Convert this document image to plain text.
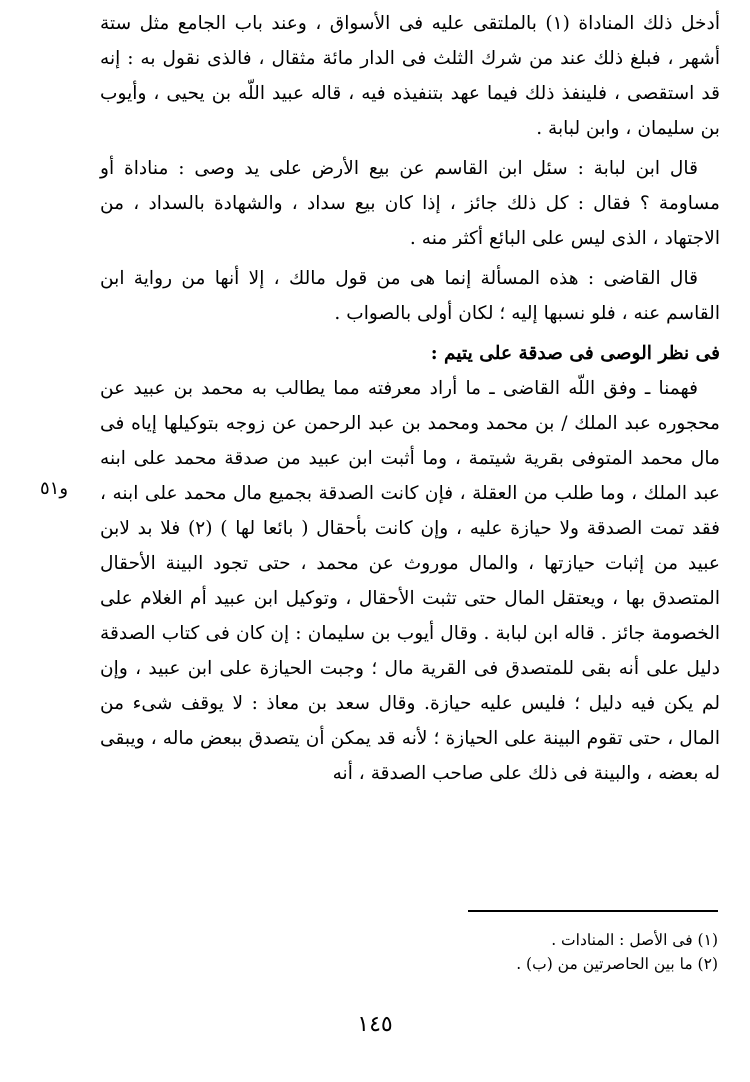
أدخل ذلك المناداة (١) بالملتقى عليه فى الأسواق ، وعند باب الجامع مثل ستة أشهر ، فبلغ ذلك عند من شرك الثلث فى الدار مائة مثقال ، فالذى نقول به : إنه قد استقصى ، فلينفذ ذلك فيما عهد بتنفيذه فيه ، قاله عبيد اللّه بن يحيى ، وأيوب بن سليمان ، وابن لبابة .

قال ابن لبابة : سئل ابن القاسم عن بيع الأرض على يد وصى : مناداة أو مساومة ؟ فقال : كل ذلك جائز ، إذا كان بيع سداد ، والشهادة بالسداد ، من الاجتهاد ، الذى ليس على البائع أكثر منه .

قال القاضى : هذه المسألة إنما هى من قول مالك ، إلا أنها من رواية ابن القاسم عنه ، فلو نسبها إليه ؛ لكان أولى بالصواب .

فى نظر الوصى فى صدقة على يتيم :

فهمنا ـ وفق اللّه القاضى ـ ما أراد معرفته مما يطالب به محمد بن عبيد عن محجوره عبد الملك / بن محمد ومحمد بن عبد الرحمن عن زوجه بتوكيلها إياه فى مال محمد المتوفى بقرية شيتمة ، وما أثبت ابن عبيد من صدقة محمد على ابنه عبد الملك ، وما طلب من العقلة ، فإن كانت الصدقة بجميع مال محمد على ابنه ، فقد تمت الصدقة ولا حيازة عليه ، وإن كانت بأحقال ( بائعا لها ) (٢) فلا بد لابن عبيد من إثبات حيازتها ، والمال موروث عن محمد ، حتى تجود البينة الأحقال المتصدق بها ، ويعتقل المال حتى تثبت الأحقال ، وتوكيل ابن عبيد أم الغلام على الخصومة جائز . قاله ابن لبابة . وقال أيوب بن سليمان : إن كان فى كتاب الصدقة دليل على أنه بقى للمتصدق فى القرية مال ؛ وجبت الحيازة على ابن عبيد ، وإن لم يكن فيه دليل ؛ فليس عليه حيازة. وقال سعد بن معاذ : لا يوقف شىء من المال ، حتى تقوم البينة على الحيازة ؛ لأنه قد يمكن أن يتصدق ببعض ماله ، ويبقى له بعضه ، والبينة فى ذلك على صاحب الصدقة ، أنه

و٥١
(١) فى الأصل : المنادات .
(٢) ما بين الحاصرتين من (ب) .
١٤٥
